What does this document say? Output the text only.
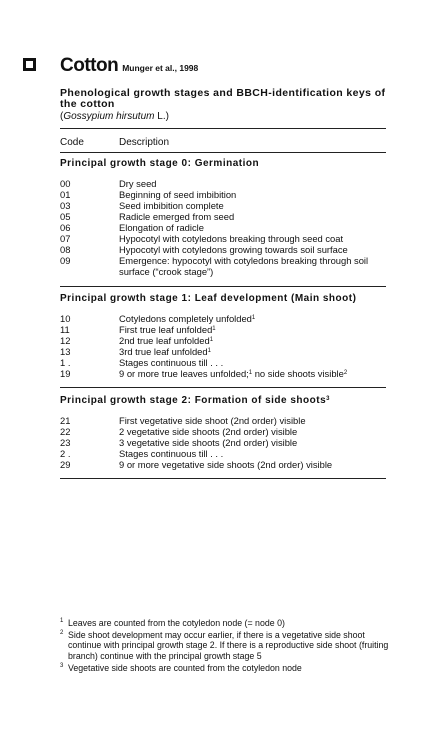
Cotton Munger et al., 1998
Phenological growth stages and BBCH-identification keys of the cotton
(Gossypium hirsutum L.)
Code	Description
Principal growth stage 0: Germination
00	Dry seed
01	Beginning of seed imbibition
03	Seed imbibition complete
05	Radicle emerged from seed
06	Elongation of radicle
07	Hypocotyl with cotyledons breaking through seed coat
08	Hypocotyl with cotyledons growing towards soil surface
09	Emergence: hypocotyl with cotyledons breaking through soil surface (“crook stage”)
Principal growth stage 1: Leaf development (Main shoot)
10	Cotyledons completely unfolded$^1$
11	First true leaf unfolded$^1$
12	2nd true leaf unfolded$^1$
13	3rd true leaf unfolded$^1$
1 .	Stages continuous till . . .
19	9 or more true leaves unfolded;$^1$ no side shoots visible$^2$
Principal growth stage 2: Formation of side shoots$^3$
21	First vegetative side shoot (2nd order) visible
22	2 vegetative side shoots (2nd order) visible
23	3 vegetative side shoots (2nd order) visible
2 .	Stages continuous till . . .
29	9 or more vegetative side shoots (2nd order) visible
1 Leaves are counted from the cotyledon node (= node 0)
2 Side shoot development may occur earlier, if there is a vegetative side shoot continue with principal growth stage 2. If there is a reproductive side shoot (fruiting branch) continue with the principal growth stage 5
3 Vegetative side shoots are counted from the cotyledon node
